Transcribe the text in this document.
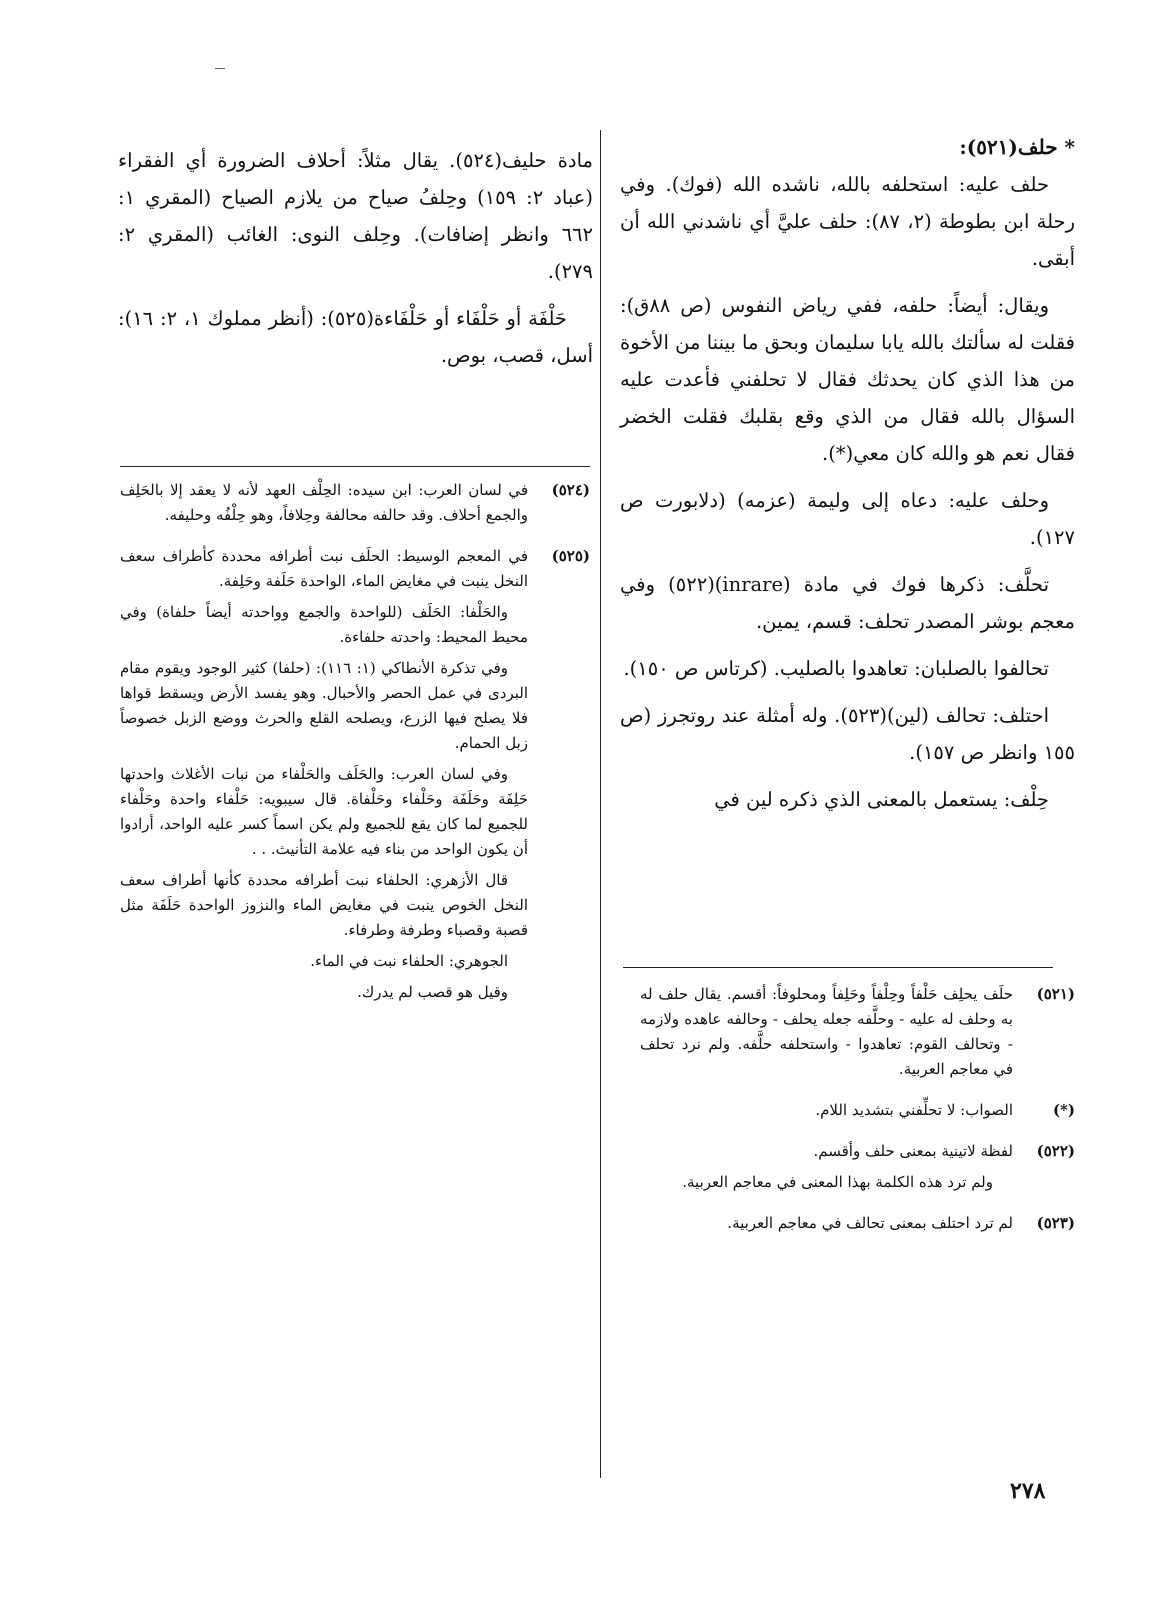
* حلف(٥٢١):

حلف عليه: استحلفه بالله، ناشده الله (فوك). وفي رحلة ابن بطوطة (٢، ٨٧): حلف عليَّ أي ناشدني الله أن أبقى.

ويقال: أيضاً: حلفه، ففي رياض النفوس (ص ٨٨ق): فقلت له سألتك بالله يابا سليمان وبحق ما بيننا من الأخوة من هذا الذي كان يحدثك فقال لا تحلفني فأعدت عليه السؤال بالله فقال من الذي وقع بقلبك فقلت الخضر فقال نعم هو والله كان معي(*).

وحلف عليه: دعاه إلى وليمة (عزمه) (دلابورت ص ١٢٧).

تحلَّف: ذكرها فوك في مادة (inrare)(٥٢٢) وفي معجم بوشر المصدر تحلف: قسم، يمين.

تحالفوا بالصلبان: تعاهدوا بالصليب. (كرتاس ص ١٥٠).

احتلف: تحالف (لين)(٥٢٣). وله أمثلة عند روتجرز (ص ١٥٥ وانظر ص ١٥٧).

حِلْف: يستعمل بالمعنى الذي ذكره لين في

مادة حليف(٥٢٤). يقال مثلاً: أحلاف الضرورة أي الفقراء (عباد ٢: ١٥٩) وحِلفُ صياح من يلازم الصياح (المقري ١: ٦٦٢ وانظر إضافات). وحِلف النوى: الغائب (المقري ٢: ٢٧٩).

حَلْفَة أو حَلْفَاء أو حَلْفَاءة(٥٢٥): (أنظر مملوك ١، ٢: ١٦): أسل، قصب، بوص.

(٥٢٤)

في لسان العرب: ابن سيده: الحِلْف العهد لأنه لا يعقد إلا بالحَلِف والجمع أحلاف. وقد حالفه محالفة وحِلافاً، وهو حِلْفُه وحليفه.

(٥٢٥)

في المعجم الوسيط: الحلَف نبت أطرافه محددة كأطراف سعف النخل ينبت في مغايض الماء، الواحدة حَلَفة وحَلِفة.

والحَلْفا: الحَلَف (للواحدة والجمع وواحدته أيضاً حلفاة) وفي محيط المحيط: واحدته حلفاءة.

وفي تذكرة الأنطاكي (١: ١١٦): (حلفا) كثير الوجود ويقوم مقام البردى في عمل الحصر والأحبال. وهو يفسد الأرض ويسقط قواها فلا يصلح فيها الزرع، ويصلحه القلع والحرث ووضع الزبل خصوصاً زبل الحمام.

وفي لسان العرب: والحَلَف والحَلْفاء من نبات الأغلاث واحدتها حَلِفَة وحَلَفَة وحَلْفاء وحَلْفاة. قال سيبويه: حَلْفاء واحدة وحَلْفاء للجميع لما كان يقع للجميع ولم يكن اسماً كسر عليه الواحد، أرادوا أن يكون الواحد من بناء فيه علامة التأنيث. . .

قال الأزهري: الحلفاء نبت أطرافه محددة كأنها أطراف سعف النخل الخوص ينبت في مغايض الماء والنزوز الواحدة حَلَفَة مثل قصبة وقصباء وطرفة وطرفاء.

الجوهري: الحلفاء نبت في الماء.

وقيل هو قصب لم يدرك.	(٥٢١)

حلَف يحلِف حَلْفاً وحِلْفاً وحَلِفاً ومحلوفاً: أقسم. يقال حلف له به وحلف له عليه - وحلَّفه جعله يحلف - وحالفه عاهده ولازمه - وتحالف القوم: تعاهدوا - واستحلفه حلَّفه. ولم نرد تحلف في معاجم العربية.

(*)

الصواب: لا تحلِّفني بتشديد اللام.

(٥٢٢)

لفظة لاتينية بمعنى حلف وأقسم.

ولم ترد هذه الكلمة بهذا المعنى في معاجم العربية.

(٥٢٣)

لم ترد احتلف بمعنى تحالف في معاجم العربية.

٢٧٨
